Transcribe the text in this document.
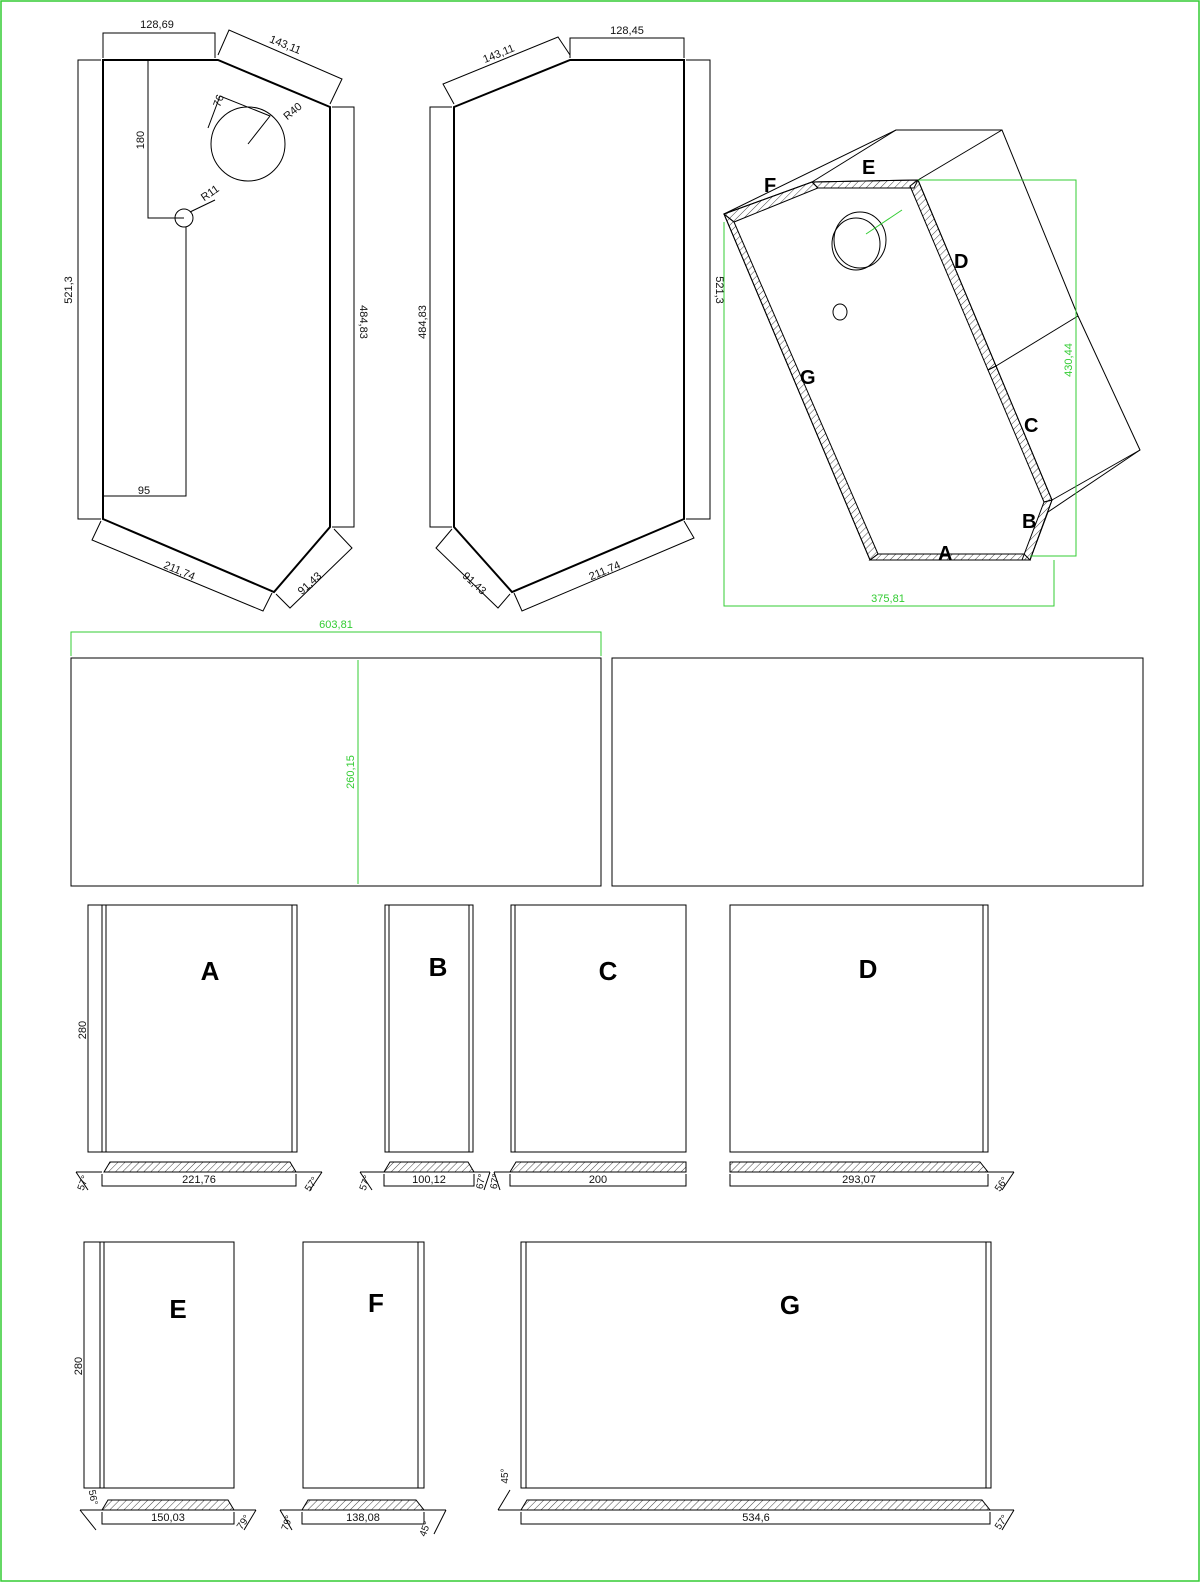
128,69
143,11
76	R40
180
R11
95
521,3
484,83
211,74	91,43
128,45
143,11
484,83
521,3
91,43	211,74
A
B
C
D
E
F
G
375,81
430,44
603,81
260,15
A
280
221,76
57°	57°
B
100,12
57°	67°
C
200
67°
D
293,07	56°
E
280
150,03
56°
79°
F
138,08
79°	45°
G
534,6
45°
57°
